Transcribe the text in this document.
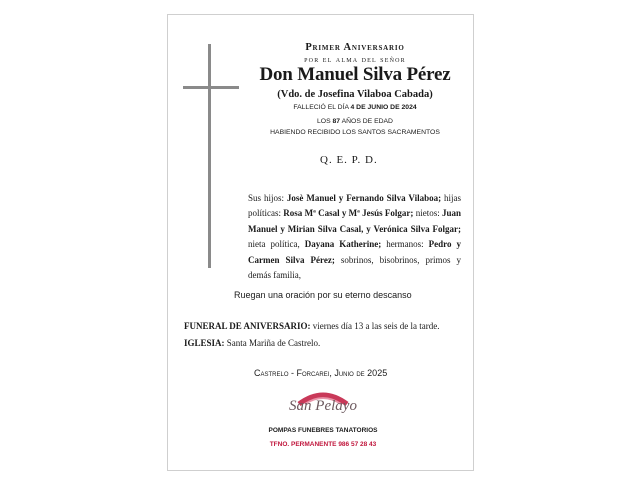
Primer Aniversario
por el alma del señor
Don Manuel Silva Pérez
(Vdo. de Josefina Vilaboa Cabada)
FALLECIÓ EL DÍA 4 DE JUNIO DE 2024
LOS 87 AÑOS DE EDAD
HABIENDO RECIBIDO LOS SANTOS SACRAMENTOS
Q. E. P. D.
Sus hijos: Josè Manuel y Fernando Silva Vilaboa; hijas políticas: Rosa Mª Casal y Mª Jesús Folgar; nietos: Juan Manuel y Mirian Silva Casal, y Verónica Silva Folgar; nieta política, Dayana Katherine; hermanos: Pedro y Carmen Silva Pérez; sobrinos, bisobrinos, primos y demás familia,
Ruegan una oración por su eterno descanso
FUNERAL DE ANIVERSARIO: viernes día 13 a las seis de la tarde.
IGLESIA: Santa Mariña de Castrelo.
Castrelo - Forcarei, Junio de 2025
San Pelayo
POMPAS FUNEBRES TANATORIOS
TFNO. PERMANENTE 986 57 28 43
